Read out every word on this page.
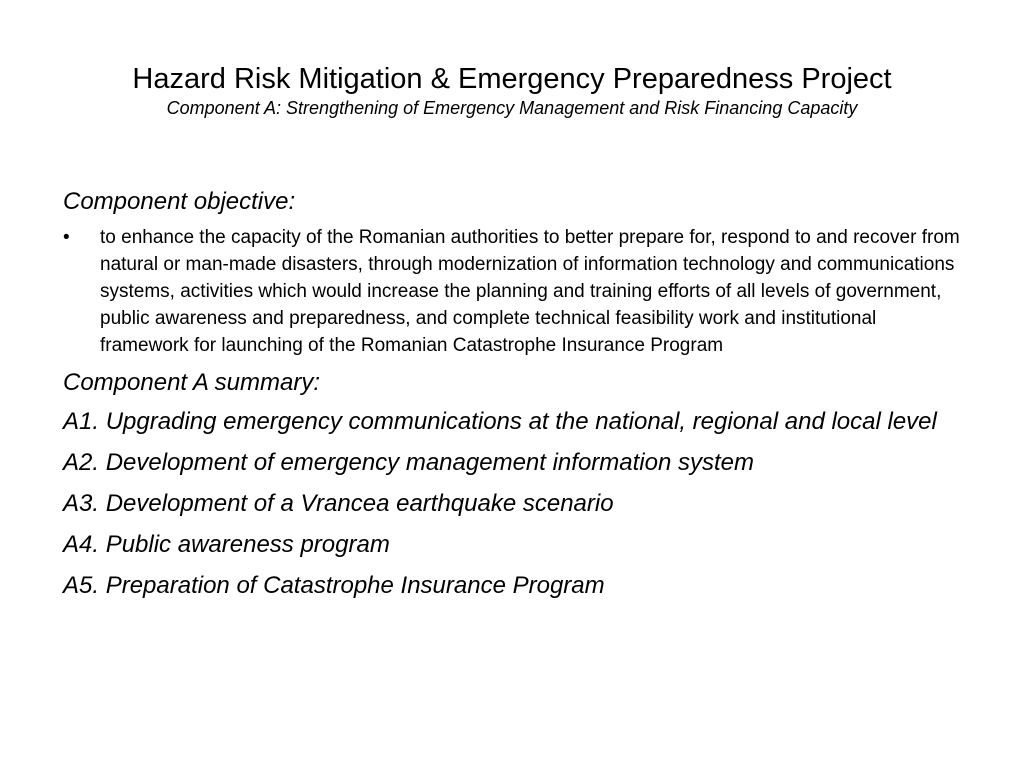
Hazard Risk Mitigation & Emergency Preparedness Project
Component A: Strengthening of Emergency Management and Risk Financing Capacity
Component objective:
• to enhance the capacity of the Romanian authorities to better prepare for, respond to and recover from natural or man-made disasters, through modernization of information technology and communications systems, activities which would increase the planning and training efforts of all levels of government, public awareness and preparedness, and complete technical feasibility work and institutional framework for launching of the Romanian Catastrophe Insurance Program
Component A summary:
A1. Upgrading emergency communications at the national, regional and local level
A2. Development of emergency management information system
A3. Development of a Vrancea earthquake scenario
A4. Public awareness program
A5. Preparation of Catastrophe Insurance Program
